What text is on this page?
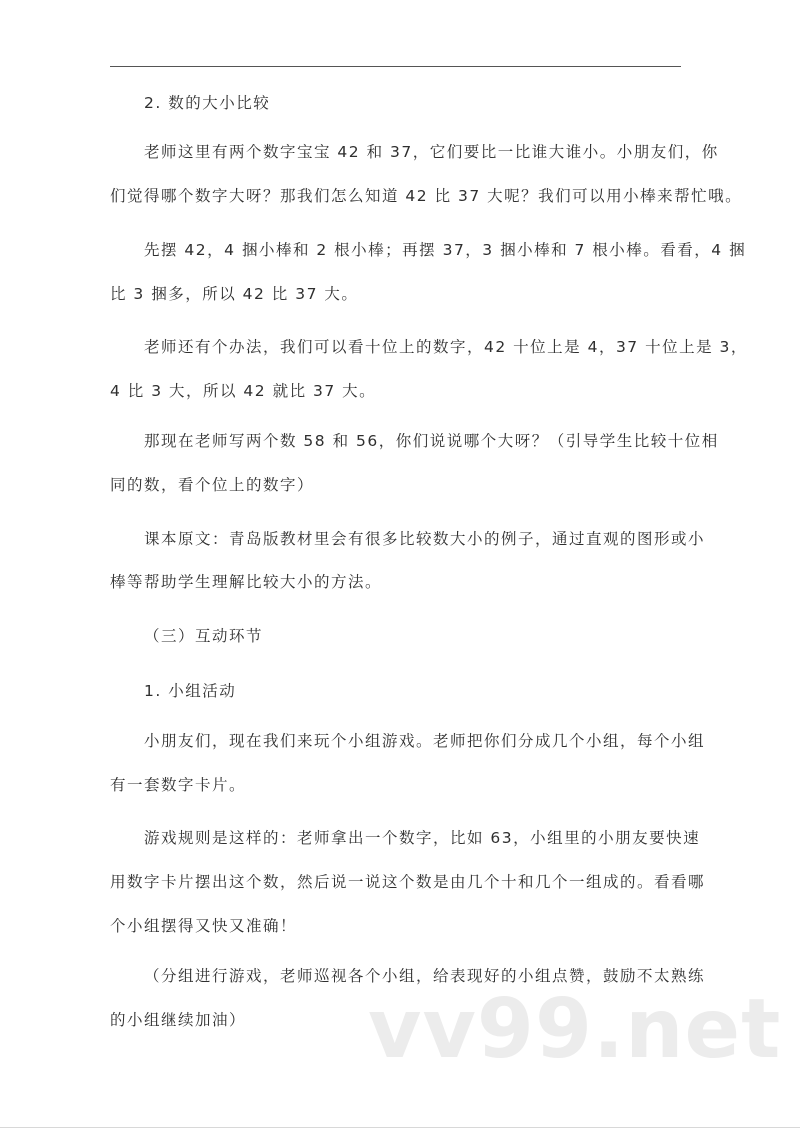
2. 数的大小比较
老师这里有两个数字宝宝 42 和 37，它们要比一比谁大谁小。小朋友们，你
们觉得哪个数字大呀？那我们怎么知道 42 比 37 大呢？我们可以用小棒来帮忙哦。
先摆 42，4 捆小棒和 2 根小棒；再摆 37，3 捆小棒和 7 根小棒。看看，4 捆
比 3 捆多，所以 42 比 37 大。
老师还有个办法，我们可以看十位上的数字，42 十位上是 4，37 十位上是 3，
4 比 3 大，所以 42 就比 37 大。
那现在老师写两个数 58 和 56，你们说说哪个大呀？（引导学生比较十位相
同的数，看个位上的数字）
课本原文：青岛版教材里会有很多比较数大小的例子，通过直观的图形或小
棒等帮助学生理解比较大小的方法。
（三）互动环节
1. 小组活动
小朋友们，现在我们来玩个小组游戏。老师把你们分成几个小组，每个小组
有一套数字卡片。
游戏规则是这样的：老师拿出一个数字，比如 63，小组里的小朋友要快速
用数字卡片摆出这个数，然后说一说这个数是由几个十和几个一组成的。看看哪
个小组摆得又快又准确！
（分组进行游戏，老师巡视各个小组，给表现好的小组点赞，鼓励不太熟练
的小组继续加油） vv99.net
